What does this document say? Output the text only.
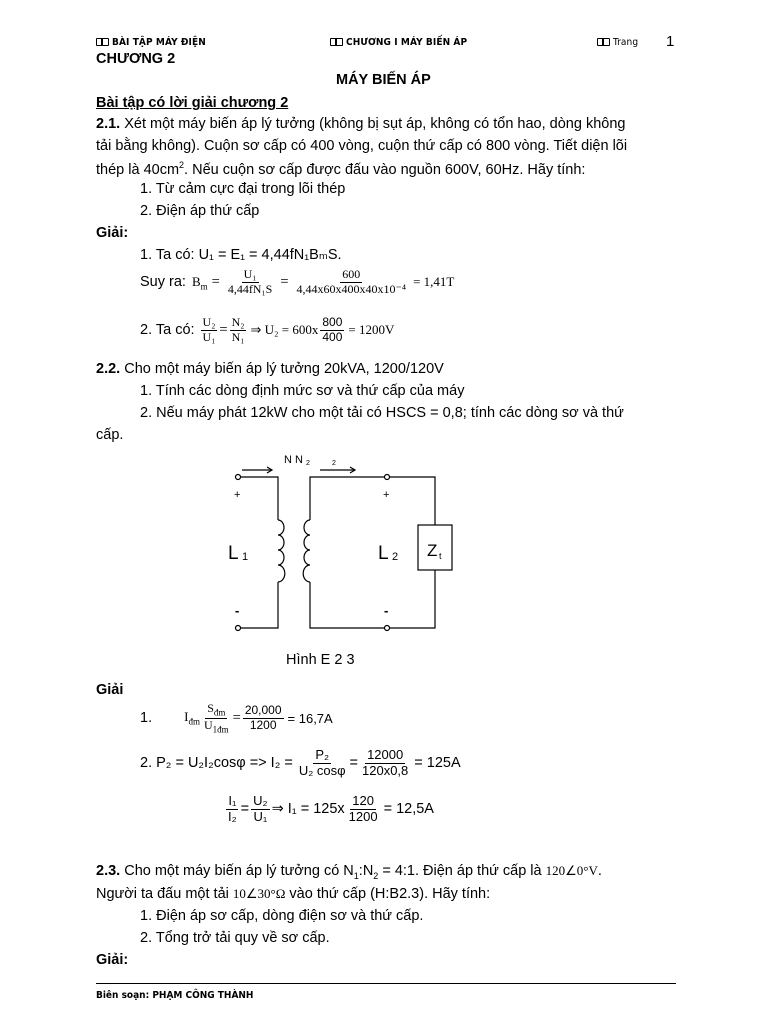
BÀI TẬP MÁY ĐIỆN	CHƯƠNG I MÁY BIẾN ÁP	Trang 1
CHƯƠNG 2
MÁY BIẾN ÁP
Bài tập có lời giải chương 2
2.1. Xét một máy biến áp lý tưởng (không bị sụt áp, không có tổn hao, dòng không
tải bằng không). Cuộn sơ cấp có 400 vòng, cuộn thứ cấp có 800 vòng. Tiết diện lõi
thép là $40cm^2$. Nếu cuộn sơ cấp được đấu vào nguồn 600V, 60Hz. Hãy tính:
1. Từ cảm cực đại trong lõi thép
2. Điện áp thứ cấp
Giải:
1. Ta có: U₁ = E₁ = 4,44fN₁BₘS.
Suy ra: $B_m = \frac{\text{U₁}}{\text{4,44fN₁S}} = \frac{600}{\text{4,44x60x400x40x10⁻⁴}} = 1,41T$
2. Ta có: $\frac{\text{U₂}}{\text{U₁}} = \frac{\text{N₂}}{\text{N₁}}$ ⇒ $U_2 = 600x \frac{800}{400} = 1200V$
2.2. Cho một máy biến áp lý tưởng 20kVA, 1200/120V
1. Tính các dòng định mức sơ và thứ cấp của máy
2. Nếu máy phát 12kW cho một tải có HSCS = 0,8; tính các dòng sơ và thứ
cấp.
N N 2	2
+	+
-	-
L 1	L 2 Z t
Hình E 2 3
Giải
1. $I_{đm} \frac{S_{đm}}{U_{1đm}} = \frac{20,000}{1200} = 16,7A$
2. $P_2 = U_2I_2\cos\varphi => I_2 = \frac{\text{P₂}}{\text{U₂ cosφ}} = \frac{12000}{120x0,8} = 125A$
$\frac{\text{I₁}}{\text{I₂}} = \frac{\text{U₂}}{\text{U₁}}$ ⇒ $I_1 = 125x \frac{120}{1200} = 12,5A$
2.3. Cho một máy biến áp lý tưởng có $N_1:N_2$ = 4:1. Điện áp thứ cấp là 120∠0°V.
Người ta đấu một tải 10∠30°Ω vào thứ cấp (H:B2.3). Hãy tính:
1. Điện áp sơ cấp, dòng điện sơ và thứ cấp.
2. Tổng trở tải quy về sơ cấp.
Giải:
Biên soạn: PHẠM CÔNG THÀNH
